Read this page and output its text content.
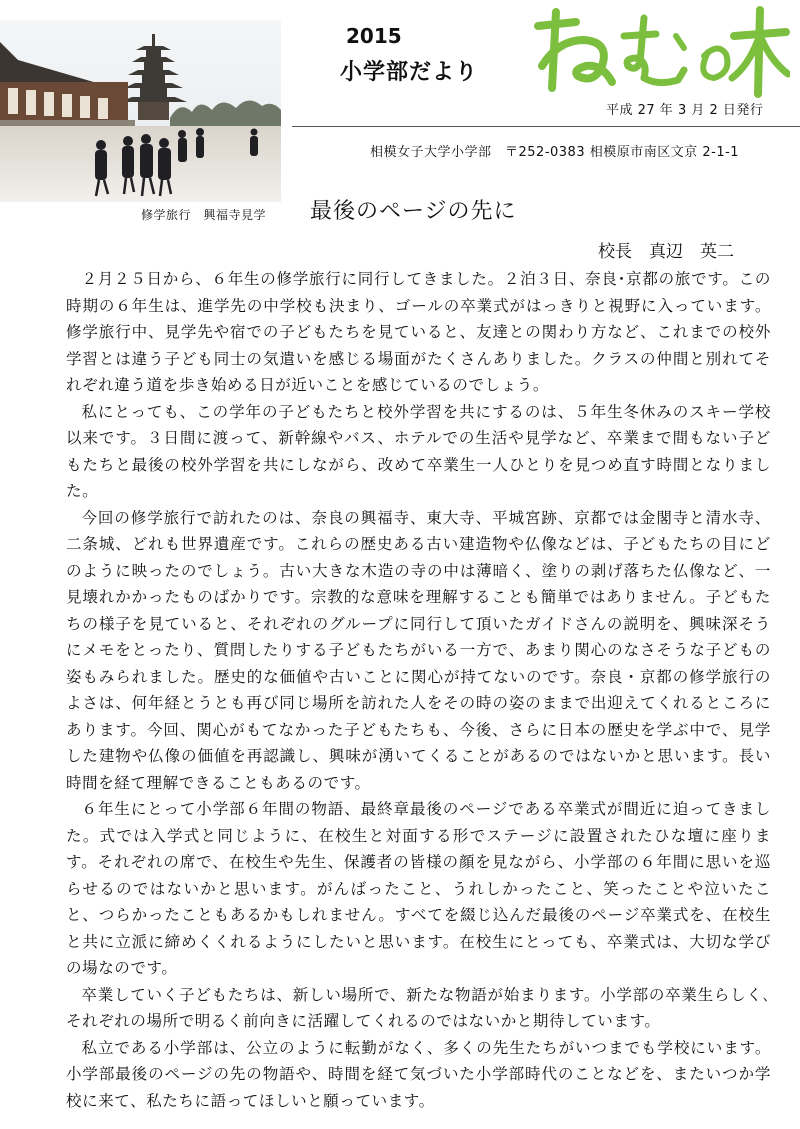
修学旅行　興福寺見学
2015
小学部だより
平成 27 年 3 月 2 日発行
相模女子大学小学部　〒252-0383 相模原市南区文京 2-1-1
最後のページの先に
校長　真辺　英二

２月２５日から、６年生の修学旅行に同行してきました。２泊３日、奈良･京都の旅です。この時期の６年生は、進学先の中学校も決まり、ゴールの卒業式がはっきりと視野に入っています。修学旅行中、見学先や宿での子どもたちを見ていると、友達との関わり方など、これまでの校外学習とは違う子ども同士の気遣いを感じる場面がたくさんありました。クラスの仲間と別れてそれぞれ違う道を歩き始める日が近いことを感じているのでしょう。

私にとっても、この学年の子どもたちと校外学習を共にするのは、５年生冬休みのスキー学校以来です。３日間に渡って、新幹線やバス、ホテルでの生活や見学など、卒業まで間もない子どもたちと最後の校外学習を共にしながら、改めて卒業生一人ひとりを見つめ直す時間となりました。

今回の修学旅行で訪れたのは、奈良の興福寺、東大寺、平城宮跡、京都では金閣寺と清水寺、二条城、どれも世界遺産です。これらの歴史ある古い建造物や仏像などは、子どもたちの目にどのように映ったのでしょう。古い大きな木造の寺の中は薄暗く、塗りの剥げ落ちた仏像など、一見壊れかかったものばかりです。宗教的な意味を理解することも簡単ではありません。子どもたちの様子を見ていると、それぞれのグループに同行して頂いたガイドさんの説明を、興味深そうにメモをとったり、質問したりする子どもたちがいる一方で、あまり関心のなさそうな子どもの姿もみられました。歴史的な価値や古いことに関心が持てないのです。奈良・京都の修学旅行のよさは、何年経とうとも再び同じ場所を訪れた人をその時の姿のままで出迎えてくれるところにあります。今回、関心がもてなかった子どもたちも、今後、さらに日本の歴史を学ぶ中で、見学した建物や仏像の価値を再認識し、興味が湧いてくることがあるのではないかと思います。長い時間を経て理解できることもあるのです。

６年生にとって小学部６年間の物語、最終章最後のページである卒業式が間近に迫ってきました。式では入学式と同じように、在校生と対面する形でステージに設置されたひな壇に座ります。それぞれの席で、在校生や先生、保護者の皆様の顔を見ながら、小学部の６年間に思いを巡らせるのではないかと思います。がんばったこと、うれしかったこと、笑ったことや泣いたこと、つらかったこともあるかもしれません。すべてを綴じ込んだ最後のページ卒業式を、在校生と共に立派に締めくくれるようにしたいと思います。在校生にとっても、卒業式は、大切な学びの場なのです。

卒業していく子どもたちは、新しい場所で、新たな物語が始まります。小学部の卒業生らしく､それぞれの場所で明るく前向きに活躍してくれるのではないかと期待しています。

私立である小学部は、公立のように転勤がなく、多くの先生たちがいつまでも学校にいます。小学部最後のページの先の物語や、時間を経て気づいた小学部時代のことなどを、またいつか学校に来て、私たちに語ってほしいと願っています。
